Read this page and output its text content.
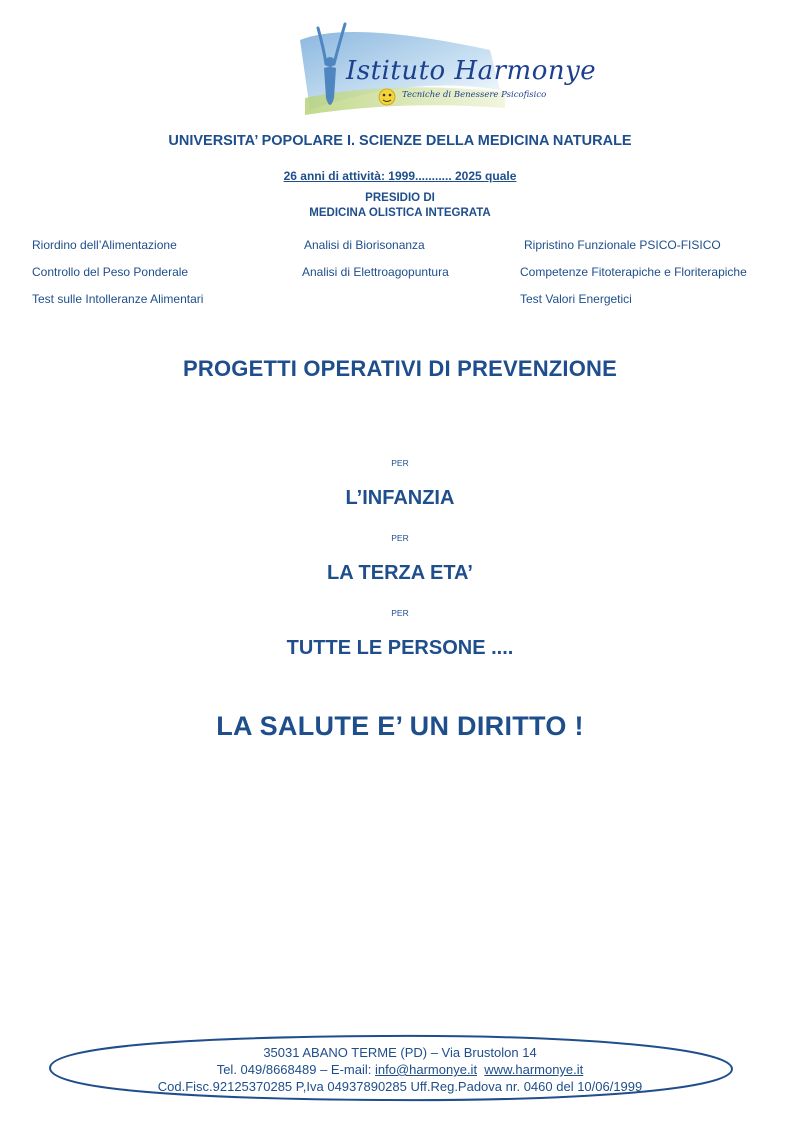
Istituto Harmonye
Tecniche di Benessere Psicofisico
UNIVERSITA’ POPOLARE I. SCIENZE DELLA MEDICINA NATURALE
26 anni di attività: 1999........... 2025 quale
PRESIDIO DI
MEDICINA OLISTICA INTEGRATA
Riordino dell’Alimentazione
Controllo del Peso Ponderale
Test sulle Intolleranze Alimentari
Analisi di Biorisonanza
Analisi di Elettroagopuntura
Ripristino Funzionale PSICO-FISICO
Competenze Fitoterapiche e Floriterapiche
Test Valori Energetici
PROGETTI OPERATIVI DI PREVENZIONE
PER
L’INFANZIA
PER
LA TERZA ETA’
PER
TUTTE LE PERSONE ....
LA SALUTE E’ UN DIRITTO !
35031 ABANO TERME (PD) – Via Brustolon 14
Tel. 049/8668489 – E-mail: info@harmonye.it www.harmonye.it
Cod.Fisc.92125370285 P,Iva 04937890285 Uff.Reg.Padova nr. 0460 del 10/06/1999
